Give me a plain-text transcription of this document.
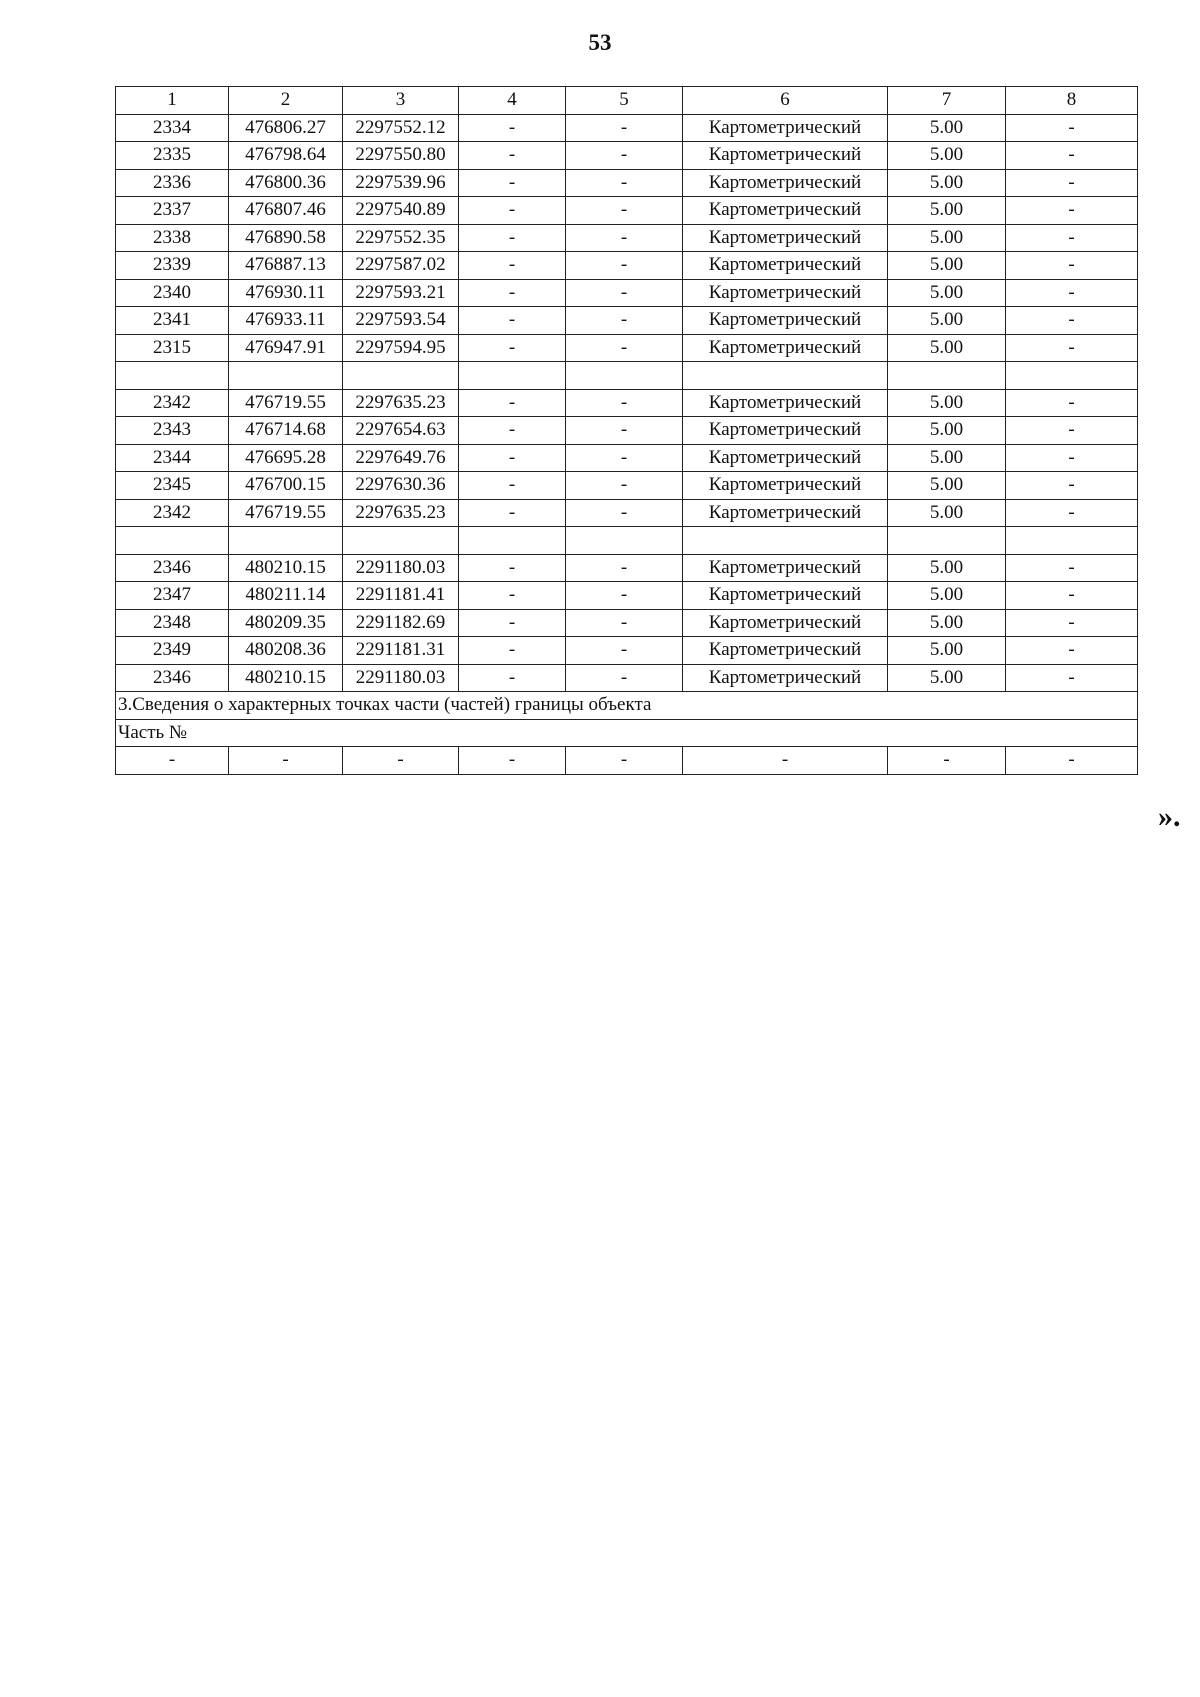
53
1	2	3	4	5	6	7	8
2334	476806.27	2297552.12	-	-	Картометрический	5.00	-
2335	476798.64	2297550.80	-	-	Картометрический	5.00	-
2336	476800.36	2297539.96	-	-	Картометрический	5.00	-
2337	476807.46	2297540.89	-	-	Картометрический	5.00	-
2338	476890.58	2297552.35	-	-	Картометрический	5.00	-
2339	476887.13	2297587.02	-	-	Картометрический	5.00	-
2340	476930.11	2297593.21	-	-	Картометрический	5.00	-
2341	476933.11	2297593.54	-	-	Картометрический	5.00	-
2315	476947.91	2297594.95	-	-	Картометрический	5.00	-

2342	476719.55	2297635.23	-	-	Картометрический	5.00	-
2343	476714.68	2297654.63	-	-	Картометрический	5.00	-
2344	476695.28	2297649.76	-	-	Картометрический	5.00	-
2345	476700.15	2297630.36	-	-	Картометрический	5.00	-
2342	476719.55	2297635.23	-	-	Картометрический	5.00	-

2346	480210.15	2291180.03	-	-	Картометрический	5.00	-
2347	480211.14	2291181.41	-	-	Картометрический	5.00	-
2348	480209.35	2291182.69	-	-	Картометрический	5.00	-
2349	480208.36	2291181.31	-	-	Картометрический	5.00	-
2346	480210.15	2291180.03	-	-	Картометрический	5.00	-
3.Сведения о характерных точках части (частей) границы объекта							
Часть №							
-	-	-	-	-	-	-	-
».
